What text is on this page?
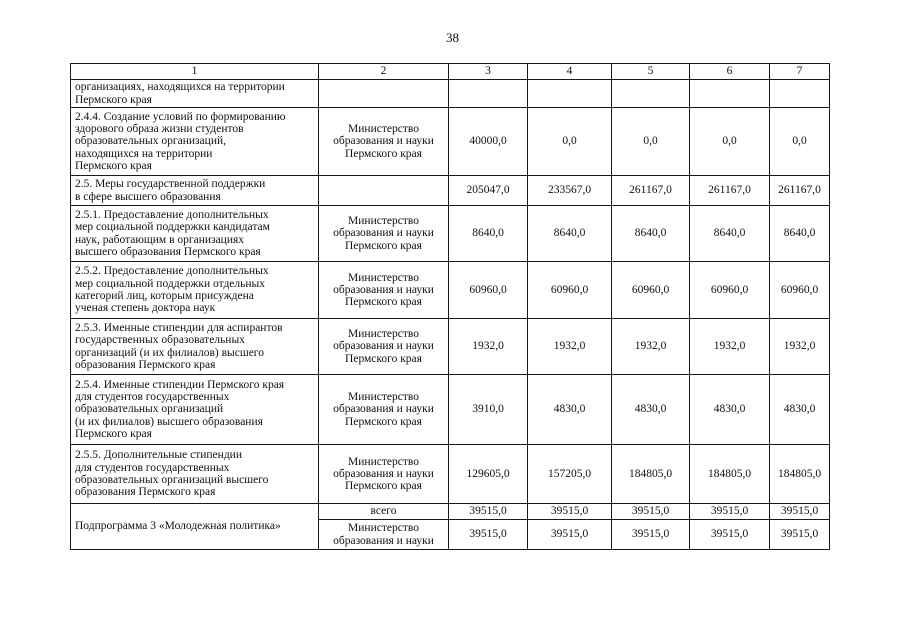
38
1	2	3	4	5	6	7
организациях, находящихся на территории
Пермского края						
2.4.4. Создание условий по формированию
здорового образа жизни студентов
образовательных организаций,
находящихся на территории
Пермского края	Министерство
образования и науки
Пермского края	40000,0	0,0	0,0	0,0	0,0
2.5. Меры государственной поддержки
в сфере высшего образования		205047,0	233567,0	261167,0	261167,0	261167,0
2.5.1. Предоставление дополнительных
мер социальной поддержки кандидатам
наук, работающим в организациях
высшего образования Пермского края	Министерство
образования и науки
Пермского края	8640,0	8640,0	8640,0	8640,0	8640,0
2.5.2. Предоставление дополнительных
мер социальной поддержки отдельных
категорий лиц, которым присуждена
ученая степень доктора наук	Министерство
образования и науки
Пермского края	60960,0	60960,0	60960,0	60960,0	60960,0
2.5.3. Именные стипендии для аспирантов
государственных образовательных
организаций (и их филиалов) высшего
образования Пермского края	Министерство
образования и науки
Пермского края	1932,0	1932,0	1932,0	1932,0	1932,0
2.5.4. Именные стипендии Пермского края
для студентов государственных
образовательных организаций
(и их филиалов) высшего образования
Пермского края	Министерство
образования и науки
Пермского края	3910,0	4830,0	4830,0	4830,0	4830,0
2.5.5. Дополнительные стипендии
для студентов государственных
образовательных организаций высшего
образования Пермского края	Министерство
образования и науки
Пермского края	129605,0	157205,0	184805,0	184805,0	184805,0
Подпрограмма 3 «Молодежная политика»	всего	39515,0	39515,0	39515,0	39515,0	39515,0
	Министерство
образования и науки	39515,0	39515,0	39515,0	39515,0	39515,0
